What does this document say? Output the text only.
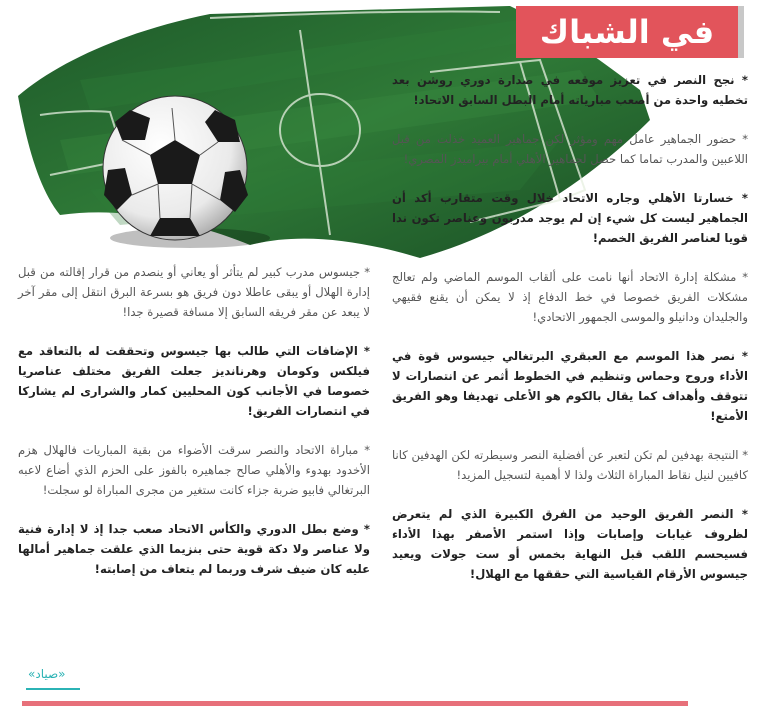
في الشباك

* نجح النصر في تعزيز موقعه في صدارة دوري روشن بعد تخطيه واحدة من أصعب مبارياته أمام البطل السابق الاتحاد!

* حضور الجماهير عامل مهم ومؤثر لكن جماهير العميد خذلت من قبل اللاعبين والمدرب تماما كما حصل لجماهير الأهلي أمام بيراميدز المصري!

* خسارتا الأهلي وجاره الاتحاد خلال وقت متقارب أكد أن الجماهير ليست كل شيء إن لم يوجد مدربون وعناصر تكون ندا قويا لعناصر الفريق الخصم!

* مشكلة إدارة الاتحاد أنها نامت على ألقاب الموسم الماضي ولم تعالج مشكلات الفريق خصوصا في خط الدفاع إذ لا يمكن أن يقنع فقيهي والجليدان ودانيلو والموسى الجمهور الاتحادي!

* نصر هذا الموسم مع العبقري البرتغالي جيسوس قوة في الأداء وروح وحماس وتنظيم في الخطوط أثمر عن انتصارات لا تتوقف وأهداف كما يقال بالكوم هو الأعلى تهديفا وهو الفريق الأمتع!

* النتيجة بهدفين لم تكن لتعبر عن أفضلية النصر وسيطرته لكن الهدفين كانا كافيين لنيل نقاط المباراة الثلاث ولذا لا أهمية لتسجيل المزيد!

* النصر الفريق الوحيد من الفرق الكبيرة الذي لم يتعرض لظروف غيابات وإصابات وإذا استمر الأصفر بهذا الأداء فسيحسم اللقب قبل النهاية بخمس أو ست جولات ويعيد جيسوس الأرقام القياسية التي حققها مع الهلال!

* جيسوس مدرب كبير لم يتأثر أو يعاني أو ينصدم من قرار إقالته من قبل إدارة الهلال أو يبقى عاطلا دون فريق هو بسرعة البرق انتقل إلى مقر آخر لا يبعد عن مقر فريقه السابق إلا مسافة قصيرة جدا!

* الإضافات التي طالب بها جيسوس وتحققت له بالتعاقد مع فيلكس وكومان وهرنانديز جعلت الفريق مختلف عناصريا خصوصا في الأجانب كون المحليين كمار والشرارى لم يشاركا في انتصارات الفريق!

* مباراة الاتحاد والنصر سرقت الأضواء من بقية المباريات فالهلال هزم الأخدود بهدوء والأهلي صالح جماهيره بالفوز على الحزم الذي أضاع لاعبه البرتغالي فابيو ضربة جزاء كانت ستغير من مجرى المباراة لو سجلت!

* وضع بطل الدوري والكأس الاتحاد صعب جدا إذ لا إدارة فنية ولا عناصر ولا دكة قوية حتى بنزيما الذي علقت جماهير أمالها عليه كان ضيف شرف وربما لم يتعاف من إصابته!

«صياد»
